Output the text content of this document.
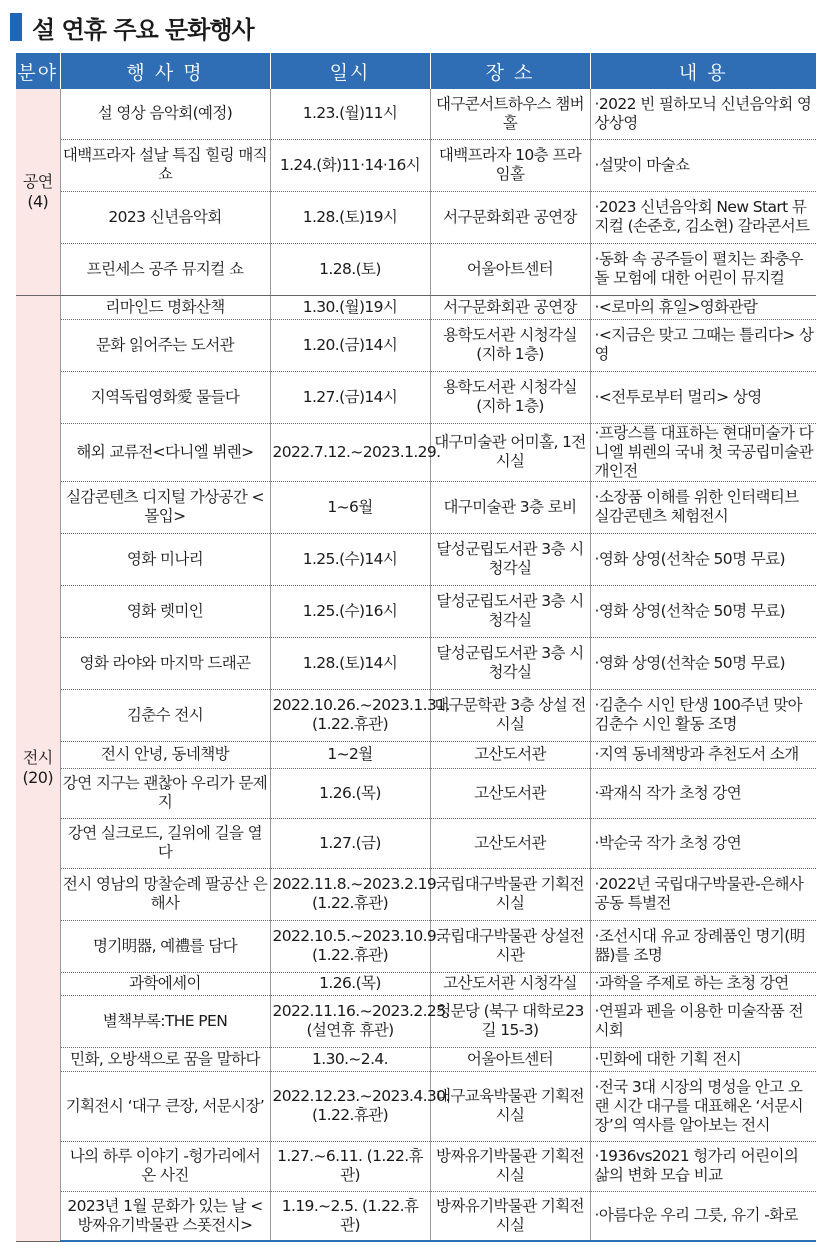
설 연휴 주요 문화행사
분야	행 사 명	일시	장 소	내 용
공연
(4)	설 영상 음악회(예정)	1.23.(월)11시	대구콘서트하우스 챔버홀	·2022 빈 필하모닉 신년음악회 영상상영
	대백프라자 설날 특집 힐링 매직쇼	1.24.(화)11·14·16시	대백프라자 10층 프라임홀	·설맞이 마술쇼
	2023 신년음악회	1.28.(토)19시	서구문화회관 공연장	·2023 신년음악회 New Start 뮤지컬 (손준호, 김소현) 갈라콘서트
	프린세스 공주 뮤지컬 쇼	1.28.(토)	어울아트센터	·동화 속 공주들이 펼치는 좌충우돌 모험에 대한 어린이 뮤지컬
전시
(20)	리마인드 명화산책	1.30.(월)19시	서구문화회관 공연장	·<로마의 휴일>영화관람
	문화 읽어주는 도서관	1.20.(금)14시	용학도서관 시청각실 (지하 1층)	·<지금은 맞고 그때는 틀리다> 상영
	지역독립영화愛 물들다	1.27.(금)14시	용학도서관 시청각실 (지하 1층)	·<전투로부터 멀리> 상영
	해외 교류전<다니엘 뷔렌>	2022.7.12.~2023.1.29.	대구미술관 어미홀, 1전시실	·프랑스를 대표하는 현대미술가 다니엘 뷔렌의 국내 첫 국공립미술관 개인전
	실감콘텐츠 디지털 가상공간 <몰입>	1~6월	대구미술관 3층 로비	·소장품 이해를 위한 인터랙티브 실감콘텐츠 체험전시
	영화 미나리	1.25.(수)14시	달성군립도서관 3층 시청각실	·영화 상영(선착순 50명 무료)
	영화 렛미인	1.25.(수)16시	달성군립도서관 3층 시청각실	·영화 상영(선착순 50명 무료)
	영화 라야와 마지막 드래곤	1.28.(토)14시	달성군립도서관 3층 시청각실	·영화 상영(선착순 50명 무료)
	김춘수 전시	2022.10.26.~2023.1.31. (1.22.휴관)	대구문학관 3층 상설 전시실	·김춘수 시인 탄생 100주년 맞아 김춘수 시인 활동 조명
	전시 안녕, 동네책방	1~2월	고산도서관	·지역 동네책방과 추천도서 소개
	강연 지구는 괜찮아 우리가 문제지	1.26.(목)	고산도서관	·곽재식 작가 초청 강연
	강연 실크로드, 길위에 길을 열다	1.27.(금)	고산도서관	·박순국 작가 초청 강연
	전시 영남의 망찰순례 팔공산 은해사	2022.11.8.~2023.2.19. (1.22.휴관)	국립대구박물관 기획전시실	·2022년 국립대구박물관-은해사 공동 특별전
	명기明器, 예禮를 담다	2022.10.5.~2023.10.9. (1.22.휴관)	국립대구박물관 상설전시관	·조선시대 유교 장례품인 명기(明器)를 조명
	과학에세이	1.26.(목)	고산도서관 시청각실	·과학을 주제로 하는 초청 강연
	별책부록:THE PEN	2022.11.16.~2023.2.25. (설연휴 휴관)	청문당 (북구 대학로23길 15-3)	·연필과 펜을 이용한 미술작품 전시회
	민화, 오방색으로 꿈을 말하다	1.30.~2.4.	어울아트센터	·민화에 대한 기획 전시
	기획전시 ‘대구 큰장, 서문시장’	2022.12.23.~2023.4.30. (1.22.휴관)	대구교육박물관 기획전시실	·전국 3대 시장의 명성을 안고 오랜 시간 대구를 대표해온 ‘서문시장’의 역사를 알아보는 전시
	나의 하루 이야기 -헝가리에서 온 사진	1.27.~6.11. (1.22.휴관)	방짜유기박물관 기획전시실	·1936vs2021 헝가리 어린이의 삶의 변화 모습 비교
	2023년 1월 문화가 있는 날 <방짜유기박물관 스폿전시>	1.19.~2.5. (1.22.휴관)	방짜유기박물관 기획전시실	·아름다운 우리 그릇, 유기 -화로
